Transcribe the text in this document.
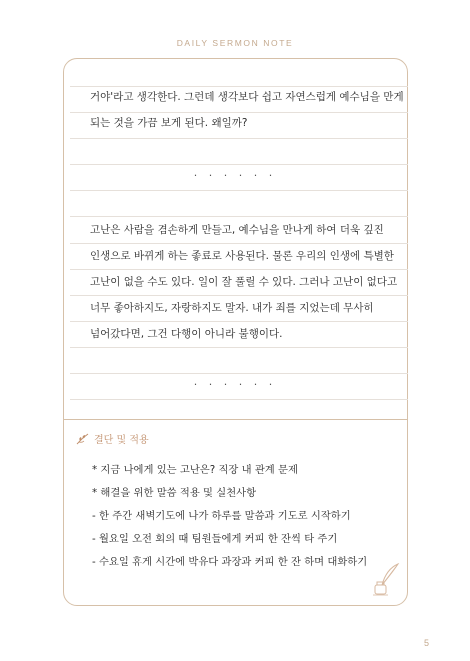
DAILY SERMON NOTE
거야'라고 생각한다. 그런데 생각보다 쉽고 자연스럽게 예수님을 만게
되는 것을 가끔 보게 된다. 왜일까?
. . . . . .
고난은 사람을 겸손하게 만들고, 예수님을 만나게 하여 더욱 깊진
인생으로 바뀌게 하는 좋료로 사용된다. 물론 우리의 인생에 특별한
고난이 없을 수도 있다. 일이 잘 풀릴 수 있다. 그러나 고난이 없다고
너무 좋아하지도, 자랑하지도 말자. 내가 죄를 지었는데 무사히
넘어갔다면, 그건 다행이 아니라 불행이다.
. . . . . .
결단 및 적용
* 지금 나에게 있는 고난은? 직장 내 관계 문제
* 해결을 위한 말씀 적용 및 실천사항
- 한 주간 새벽기도에 나가 하루를 말씀과 기도로 시작하기
- 월요일 오전 회의 때 팀원들에게 커피 한 잔씩 타 주기
- 수요일 휴게 시간에 박유다 과장과 커피 한 잔 하며 대화하기
5
